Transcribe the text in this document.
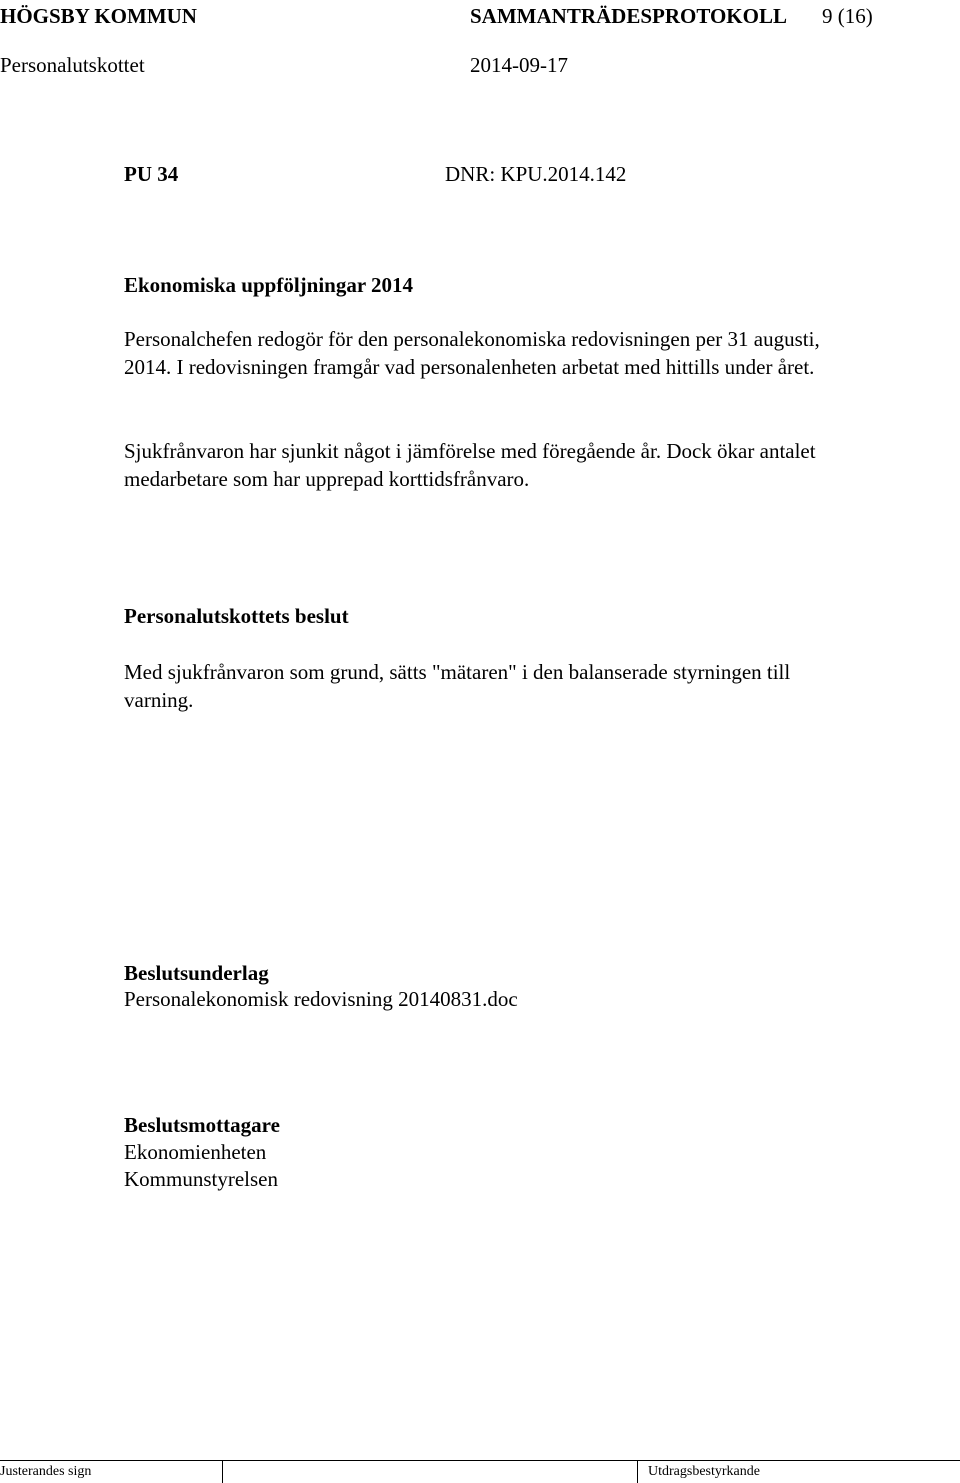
HÖGSBY KOMMUN	SAMMANTRÄDESPROTOKOLL 9 (16)
Personalutskottet	2014-09-17
PU 34	DNR: KPU.2014.142
Ekonomiska uppföljningar 2014
Personalchefen redogör för den personalekonomiska redovisningen per 31 augusti, 2014. I redovisningen framgår vad personalenheten arbetat med hittills under året.
Sjukfrånvaron har sjunkit något i jämförelse med föregående år. Dock ökar antalet medarbetare som har upprepad korttidsfrånvaro.
Personalutskottets beslut
Med sjukfrånvaron som grund, sätts "mätaren" i den balanserade styrningen till varning.
Beslutsunderlag
Personalekonomisk redovisning 20140831.doc
Beslutsmottagare
Ekonomienheten
Kommunstyrelsen
Justerandes sign	Utdragsbestyrkande
